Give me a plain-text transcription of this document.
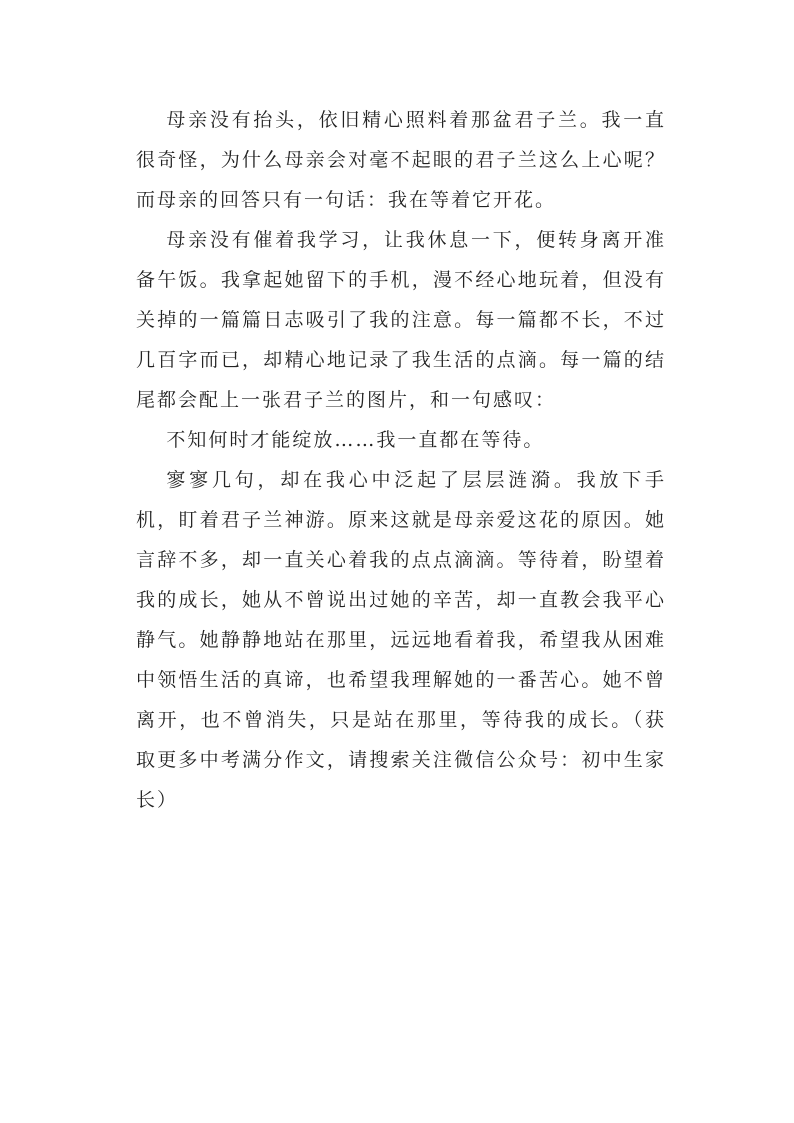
母亲没有抬头，依旧精心照料着那盆君子兰。我一直很奇怪，为什么母亲会对毫不起眼的君子兰这么上心呢？而母亲的回答只有一句话：我在等着它开花。

母亲没有催着我学习，让我休息一下，便转身离开准备午饭。我拿起她留下的手机，漫不经心地玩着，但没有关掉的一篇篇日志吸引了我的注意。每一篇都不长，不过几百字而已，却精心地记录了我生活的点滴。每一篇的结尾都会配上一张君子兰的图片，和一句感叹：

不知何时才能绽放……我一直都在等待。

寥寥几句，却在我心中泛起了层层涟漪。我放下手机，盯着君子兰神游。原来这就是母亲爱这花的原因。她言辞不多，却一直关心着我的点点滴滴。等待着，盼望着我的成长，她从不曾说出过她的辛苦，却一直教会我平心静气。她静静地站在那里，远远地看着我，希望我从困难中领悟生活的真谛，也希望我理解她的一番苦心。她不曾离开，也不曾消失，只是站在那里，等待我的成长。（获取更多中考满分作文，请搜索关注微信公众号：初中生家长）
